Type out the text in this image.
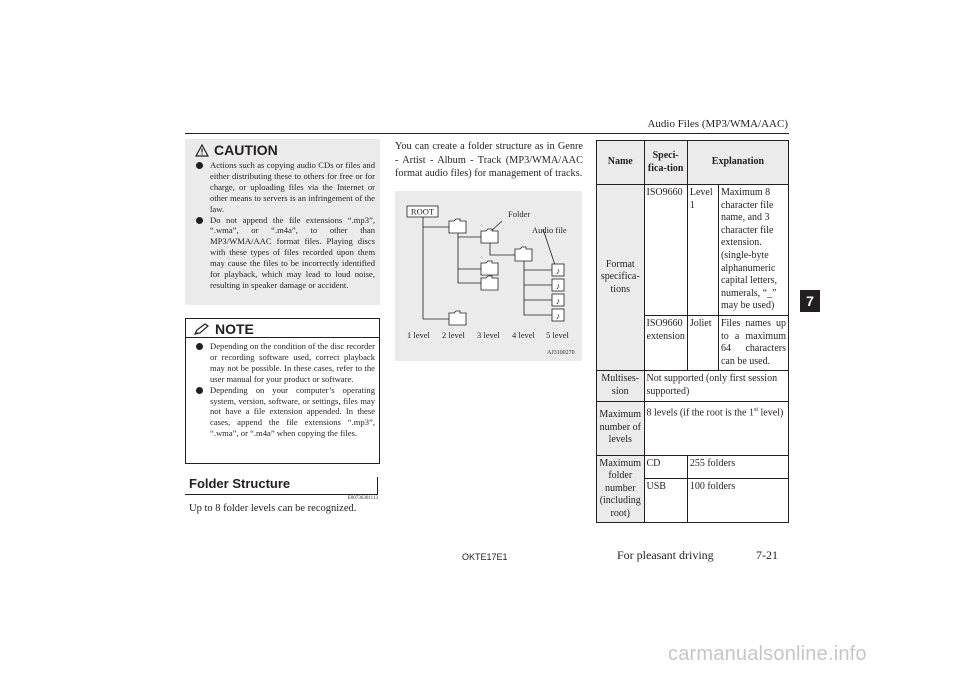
Audio Files (MP3/WMA/AAC)
7
CAUTION
Actions such as copying audio CDs or files and either distributing these to others for free or for charge, or uploading files via the Internet or other means to servers is an infringement of the law.
Do not append the file extensions “.mp3”, “.wma”, or “.m4a”, to other than MP3/WMA/AAC format files. Playing discs with these types of files recorded upon them may cause the files to be incorrectly identified for playback, which may lead to loud noise, resulting in speaker damage or accident.
NOTE
Depending on the condition of the disc recorder or recording software used, correct playback may not be possible. In these cases, refer to the user manual for your product or software.
Depending on your computer’s operating system, version, software, or settings, files may not have a file extension appended. In these cases, append the file extensions “.mp3”, “.wma”, or “.m4a” when copying the files.
Folder Structure
E00736301113
Up to 8 folder levels can be recognized.
You can create a folder structure as in Genre - Artist - Album - Track (MP3/WMA/AAC format audio files) for management of tracks.
ROOT
♪
♪
♪
♪
Folder
Audio file
1 level 2 level 3 level 4 level 5 level
AJ3100270
Name	Speci-fica-tion	Explanation	
Format specifica-tions	ISO9660	Level 1	Maximum 8 character file name, and 3 character file extension. (single-byte alphanumeric capital letters, numerals, “_” may be used)
	ISO9660 extension	Joliet	Files names up to a maximum 64 characters can be used.
Multises-sion	Not supported (only first session supported)		
Maximum number of levels	8 levels (if the root is the 1st level)		
Maximum folder number (including root)	CD	255 folders	
	USB	100 folders	
OKTE17E1	For pleasant driving	7-21
carmanualsonline.info
